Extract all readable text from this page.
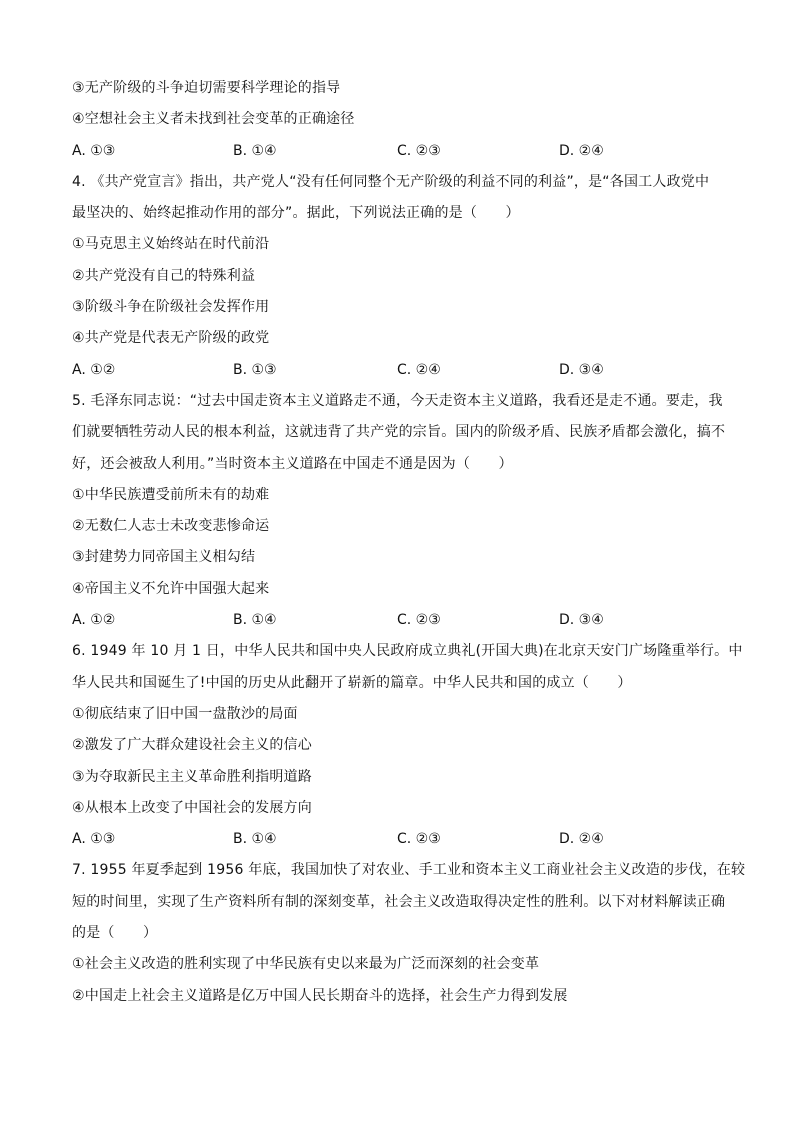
③无产阶级的斗争迫切需要科学理论的指导
④空想社会主义者未找到社会变革的正确途径
A. ①③	B. ①④	C. ②③	D. ②④
4. 《共产党宣言》指出，共产党人“没有任何同整个无产阶级的利益不同的利益”，是“各国工人政党中
最坚决的、始终起推动作用的部分”。据此，下列说法正确的是（　　）
①马克思主义始终站在时代前沿
②共产党没有自己的特殊利益
③阶级斗争在阶级社会发挥作用
④共产党是代表无产阶级的政党
A. ①②	B. ①③	C. ②④	D. ③④
5. 毛泽东同志说：“过去中国走资本主义道路走不通，今天走资本主义道路，我看还是走不通。要走，我
们就要牺牲劳动人民的根本利益，这就违背了共产党的宗旨。国内的阶级矛盾、民族矛盾都会激化，搞不
好，还会被敌人利用。”当时资本主义道路在中国走不通是因为（　　）
①中华民族遭受前所未有的劫难
②无数仁人志士未改变悲惨命运
③封建势力同帝国主义相勾结
④帝国主义不允许中国强大起来
A. ①②	B. ①④	C. ②③	D. ③④
6. 1949 年 10 月 1 日，中华人民共和国中央人民政府成立典礼(开国大典)在北京天安门广场隆重举行。中
华人民共和国诞生了!中国的历史从此翻开了崭新的篇章。中华人民共和国的成立（　　）
①彻底结束了旧中国一盘散沙的局面
②激发了广大群众建设社会主义的信心
③为夺取新民主主义革命胜利指明道路
④从根本上改变了中国社会的发展方向
A. ①③	B. ①④	C. ②③	D. ②④
7. 1955 年夏季起到 1956 年底，我国加快了对农业、手工业和资本主义工商业社会主义改造的步伐，在较
短的时间里，实现了生产资料所有制的深刻变革，社会主义改造取得决定性的胜利。以下对材料解读正确
的是（　　）
①社会主义改造的胜利实现了中华民族有史以来最为广泛而深刻的社会变革
②中国走上社会主义道路是亿万中国人民长期奋斗的选择，社会生产力得到发展
